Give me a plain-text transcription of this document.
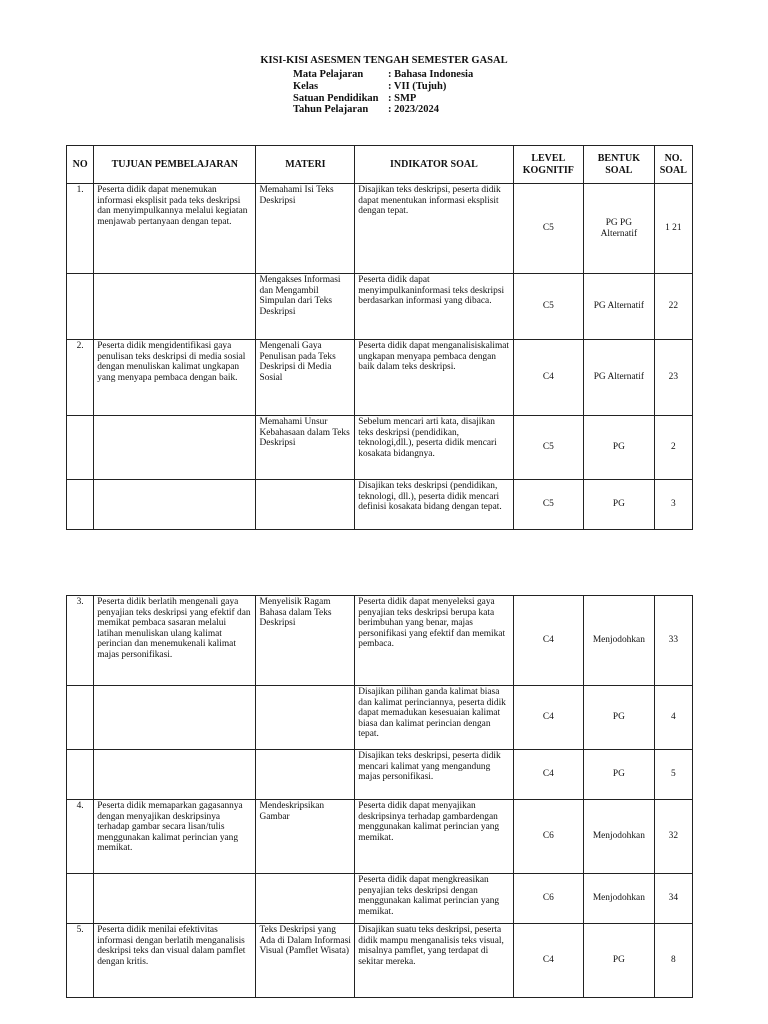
KISI-KISI ASESMEN TENGAH SEMESTER GASAL
Mata Pelajaran	: Bahasa Indonesia
Kelas	: VII (Tujuh)
Satuan Pendidikan : SMP
Tahun Pelajaran	: 2023/2024
NO	TUJUAN PEMBELAJARAN	MATERI	INDIKATOR SOAL	LEVEL KOGNITIF	BENTUK SOAL	NO. SOAL
1.	Peserta didik dapat menemukan informasi eksplisit pada teks deskripsi dan menyimpulkannya melalui kegiatan menjawab pertanyaan dengan tepat.	Memahami Isi Teks Deskripsi	Disajikan teks deskripsi, peserta didik dapat menentukan informasi eksplisit dengan tepat.	C5	PG PG Alternatif	1 21
		Mengakses Informasi dan Mengambil Simpulan dari Teks Deskripsi	Peserta didik dapat menyimpulkaninformasi teks deskripsi berdasarkan informasi yang dibaca.	C5	PG Alternatif	22
2.	Peserta didik mengidentifikasi gaya penulisan teks deskripsi di media sosial dengan menuliskan kalimat ungkapan yang menyapa pembaca dengan baik.	Mengenali Gaya Penulisan pada Teks Deskripsi di Media Sosial	Peserta didik dapat menganalisiskalimat ungkapan menyapa pembaca dengan baik dalam teks deskripsi.	C4	PG Alternatif	23
		Memahami Unsur Kebahasaan dalam Teks Deskripsi	Sebelum mencari arti kata, disajikan teks deskripsi (pendidikan, teknologi,dll.), peserta didik mencari kosakata bidangnya.	C5	PG	2
			Disajikan teks deskripsi (pendidikan, teknologi, dll.), peserta didik mencari definisi kosakata bidang dengan tepat.	C5	PG	3
3.	Peserta didik berlatih mengenali gaya penyajian teks deskripsi yang efektif dan memikat pembaca sasaran melalui latihan menuliskan ulang kalimat perincian dan menemukenali kalimat majas personifikasi.	Menyelisik Ragam Bahasa dalam Teks Deskripsi	Peserta didik dapat menyeleksi gaya penyajian teks deskripsi berupa kata berimbuhan yang benar, majas personifikasi yang efektif dan memikat pembaca.	C4	Menjodohkan	33
			Disajikan pilihan ganda kalimat biasa dan kalimat perinciannya, peserta didik dapat memadukan kesesuaian kalimat biasa dan kalimat perincian dengan tepat.	C4	PG	4
			Disajikan teks deskripsi, peserta didik mencari kalimat yang mengandung majas personifikasi.	C4	PG	5
4.	Peserta didik memaparkan gagasannya dengan menyajikan deskripsinya terhadap gambar secara lisan/tulis menggunakan kalimat perincian yang memikat.	Mendeskripsikan Gambar	Peserta didik dapat menyajikan deskripsinya terhadap gambardengan menggunakan kalimat perincian yang memikat.	C6	Menjodohkan	32
			Peserta didik dapat mengkreasikan penyajian teks deskripsi dengan menggunakan kalimat perincian yang memikat.	C6	Menjodohkan	34
5.	Peserta didik menilai efektivitas informasi dengan berlatih menganalisis deskripsi teks dan visual dalam pamflet dengan kritis.	Teks Deskripsi yang Ada di Dalam Informasi Visual (Pamflet Wisata)	Disajikan suatu teks deskripsi, peserta didik mampu menganalisis teks visual, misalnya pamflet, yang terdapat di sekitar mereka.	C4	PG	8
